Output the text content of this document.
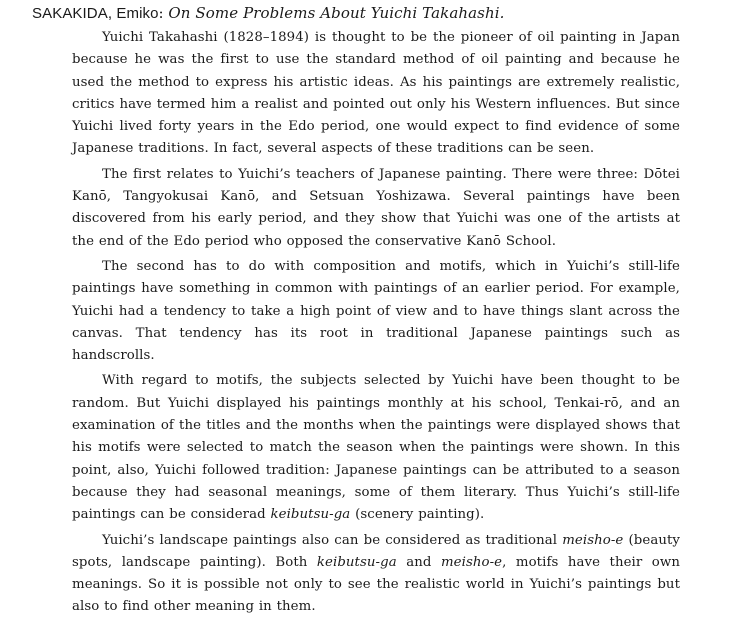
SAKAKIDA, Emiko: On Some Problems About Yuichi Takahashi.

Yuichi Takahashi (1828–1894) is thought to be the pioneer of oil painting in Japan because he was the first to use the standard method of oil painting and because he used the method to express his artistic ideas. As his paintings are extremely realistic, critics have termed him a realist and pointed out only his Western influences. But since Yuichi lived forty years in the Edo period, one would expect to find evidence of some Japanese traditions. In fact, several aspects of these traditions can be seen.

The first relates to Yuichi’s teachers of Japanese painting. There were three: Dōtei Kanō, Tangyokusai Kanō, and Setsuan Yoshizawa. Several paintings have been discovered from his early period, and they show that Yuichi was one of the artists at the end of the Edo period who opposed the conservative Kanō School.

The second has to do with composition and motifs, which in Yuichi’s still-life paintings have something in common with paintings of an earlier period. For example, Yuichi had a tendency to take a high point of view and to have things slant across the canvas. That tendency has its root in traditional Japanese paintings such as handscrolls.

With regard to motifs, the subjects selected by Yuichi have been thought to be random. But Yuichi displayed his paintings monthly at his school, Tenkai-rō, and an examination of the titles and the months when the paintings were displayed shows that his motifs were selected to match the season when the paintings were shown. In this point, also, Yuichi followed tradition: Japanese paintings can be attributed to a season because they had seasonal meanings, some of them literary. Thus Yuichi’s still-life paintings can be considerad keibutsu-ga (scenery painting).

Yuichi’s landscape paintings also can be considered as traditional meisho-e (beauty spots, landscape painting). Both keibutsu-ga and meisho-e, motifs have their own meanings. So it is possible not only to see the realistic world in Yuichi’s paintings but also to find other meaning in them.
